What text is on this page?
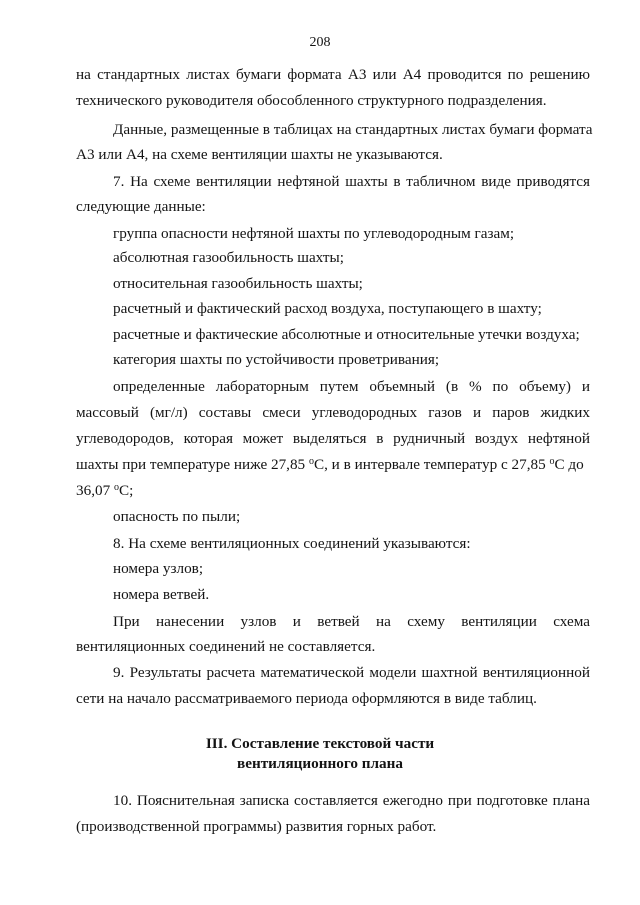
208
на стандартных листах бумаги формата А3 или А4 проводится по решению
технического руководителя обособленного структурного подразделения.
Данные, размещенные в таблицах на стандартных листах бумаги формата
А3 или А4, на схеме вентиляции шахты не указываются.
7. На схеме вентиляции нефтяной шахты в табличном виде приводятся
следующие данные:
группа опасности нефтяной шахты по углеводородным газам;
абсолютная газообильность шахты;
относительная газообильность шахты;
расчетный и фактический расход воздуха, поступающего в шахту;
расчетные и фактические абсолютные и относительные утечки воздуха;
категория шахты по устойчивости проветривания;
определенные лабораторным путем объемный (в % по объему) и
массовый (мг/л) составы смеси углеводородных газов и паров жидких
углеводородов, которая может выделяться в рудничный воздух нефтяной
шахты при температуре ниже 27,85 $^o$C, и в интервале температур с 27,85 $^o$C до
36,07 $^o$C;
опасность по пыли;
8. На схеме вентиляционных соединений указываются:
номера узлов;
номера ветвей.
При нанесении узлов и ветвей на схему вентиляции схема
вентиляционных соединений не составляется.
9. Результаты расчета математической модели шахтной вентиляционной
сети на начало рассматриваемого периода оформляются в виде таблиц.
III. Составление текстовой части
вентиляционного плана
10. Пояснительная записка составляется ежегодно при подготовке плана
(производственной программы) развития горных работ.
